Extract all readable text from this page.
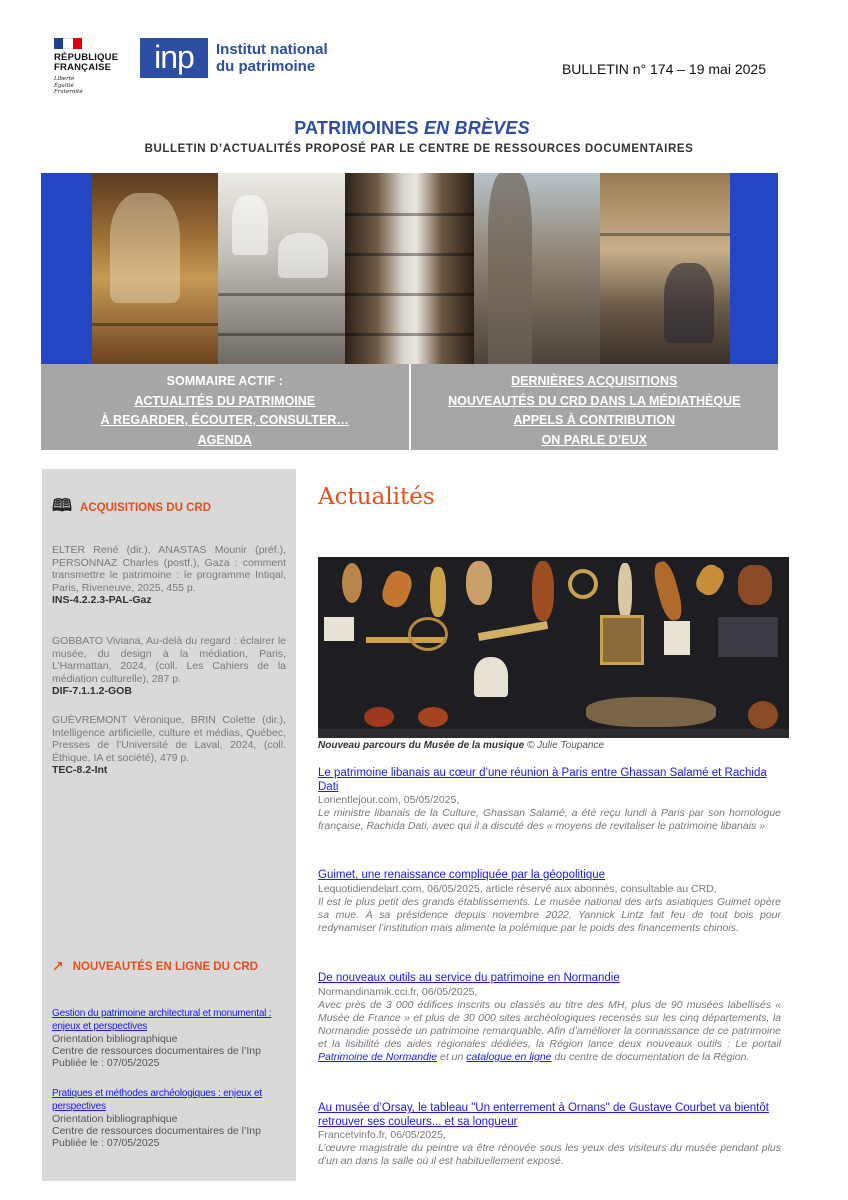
RÉPUBLIQUE
FRANÇAISE
Liberté
Égalité
Fraternité
inp	Institut national
du patrimoine	BULLETIN n° 174 – 19 mai 2025
PATRIMOINES EN BRÈVES
BULLETIN D’ACTUALITÉS PROPOSÉ PAR LE CENTRE DE RESSOURCES DOCUMENTAIRES
SOMMAIRE ACTIF :
ACTUALITÉS DU PATRIMOINE
À REGARDER, ÉCOUTER, CONSULTER…
AGENDA
DERNIÈRES ACQUISITIONS
NOUVEAUTÉS DU CRD DANS LA MÉDIATHÈQUE
APPELS À CONTRIBUTION
ON PARLE D’EUX
🕮 ACQUISITIONS DU CRD
ELTER René (dir.), ANASTAS Mounir (préf.), PERSONNAZ Charles (postf.), Gaza : comment transmettre le patrimoine : le programme Intiqal, Paris, Riveneuve, 2025, 455 p.
INS-4.2.2.3-PAL-Gaz
GOBBATO Viviana, Au-delà du regard : éclairer le musée, du design à la médiation, Paris, L’Harmattan, 2024, (coll. Les Cahiers de la médiation culturelle), 287 p.
DIF-7.1.1.2-GOB
GUÈVREMONT Véronique, BRIN Colette (dir.), Intelligence artificielle, culture et médias, Québec, Presses de l’Université de Laval, 2024, (coll. Éthique, IA et société), 479 p.
TEC-8.2-Int
↗ NOUVEAUTÉS EN LIGNE DU CRD
Gestion du patrimoine architectural et monumental : enjeux et perspectives
Orientation bibliographique
Centre de ressources documentaires de l’Inp
Publiée le : 07/05/2025
Pratiques et méthodes archéologiques : enjeux et perspectives
Orientation bibliographique
Centre de ressources documentaires de l’Inp
Publiée le : 07/05/2025
Actualités
Nouveau parcours du Musée de la musique © Julie Toupance
Le patrimoine libanais au cœur d’une réunion à Paris entre Ghassan Salamé et Rachida Dati
Lorientlejour.com, 05/05/2025,
Le ministre libanais de la Culture, Ghassan Salamé, a été reçu lundi à Paris par son homologue française, Rachida Dati, avec qui il a discuté des « moyens de revitaliser le patrimoine libanais »
Guimet, une renaissance compliquée par la géopolitique
Lequotidiendelart.com, 06/05/2025, article réservé aux abonnés, consultable au CRD,
Il est le plus petit des grands établissements. Le musée national des arts asiatiques Guimet opère sa mue. À sa présidence depuis novembre 2022, Yannick Lintz fait feu de tout bois pour redynamiser l’institution mais alimente la polémique par le poids des financements chinois.
De nouveaux outils au service du patrimoine en Normandie
Normandinamik.cci.fr, 06/05/2025,
Avec près de 3 000 édifices inscrits ou classés au titre des MH, plus de 90 musées labellisés « Musée de France » et plus de 30 000 sites archéologiques recensés sur les cinq départements, la Normandie possède un patrimoine remarquable. Afin d’améliorer la connaissance de ce patrimoine et la lisibilité des aides régionales dédiées, la Région lance deux nouveaux outils : Le portail Patrimoine de Normandie et un catalogue en ligne du centre de documentation de la Région.
Au musée d’Orsay, le tableau "Un enterrement à Ornans" de Gustave Courbet va bientôt retrouver ses couleurs... et sa longueur
Francetvinfo.fr, 06/05/2025,
L’œuvre magistrale du peintre va être rénovée sous les yeux des visiteurs du musée pendant plus d’un an dans la salle où il est habituellement exposé.
